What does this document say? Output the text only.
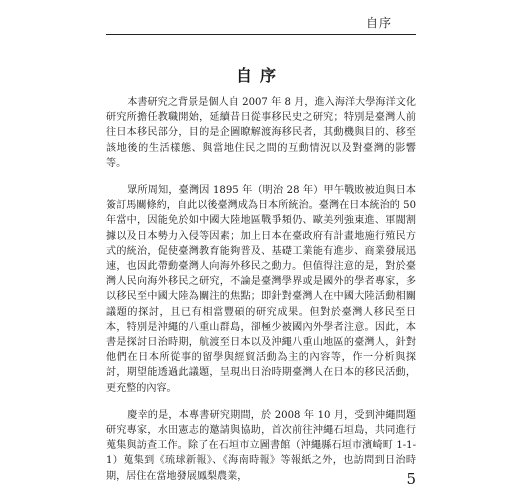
自序
自序

本書研究之背景是個人自 2007 年 8 月，進入海洋大學海洋文化研究所擔任教職開始，延續昔日從事移民史之研究；特別是臺灣人前往日本移民部分，目的是企圖瞭解渡海移民者，其動機與目的、移至該地後的生活樣態、與當地住民之間的互動情況以及對臺灣的影響等。

眾所周知，臺灣因 1895 年（明治 28 年）甲午戰敗被迫與日本簽訂馬關條約，自此以後臺灣成為日本所統治。臺灣在日本統治的 50 年當中，因能免於如中國大陸地區戰爭頻仍、歐美列強東進、軍閥割據以及日本勢力入侵等因素；加上日本在臺政府有計畫地施行殖民方式的統治，促使臺灣教育能夠普及、基礎工業能有進步、商業發展迅速，也因此帶動臺灣人向海外移民之動力。但值得注意的是，對於臺灣人民向海外移民之研究，不論是臺灣學界或是國外的學者專家，多以移民至中國大陸為關注的焦點；即針對臺灣人在中國大陸活動相關議題的探討，且已有相當豐碩的研究成果。但對於臺灣人移民至日本，特別是沖繩的八重山群島，卻極少被國內外學者注意。因此，本書是探討日治時期，航渡至日本以及沖繩八重山地區的臺灣人，針對他們在日本所從事的留學與經貿活動為主的內容等，作一分析與探討，期望能透過此議題，呈現出日治時期臺灣人在日本的移民活動，更充整的內容。

慶幸的是，本專書研究期間，於 2008 年 10 月，受到沖繩問題研究專家，水田憲志的邀請與協助，首次前往沖繩石垣島，共同進行蒐集與訪查工作。除了在石垣市立圖書館（沖繩縣石垣市濱崎町 1-1-1）蒐集到《琉球新報》、《海南時報》等報紙之外，也訪問到日治時期，居住在當地發展鳳梨農業，	5
